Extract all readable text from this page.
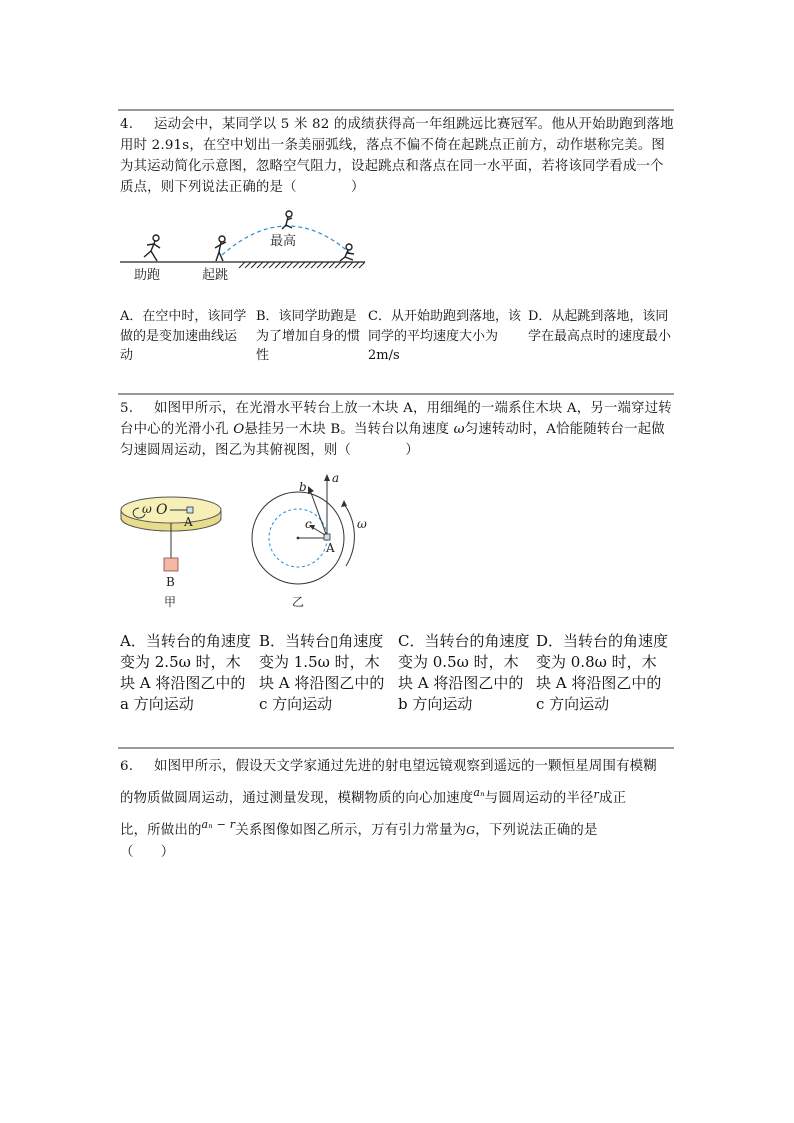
4. 运动会中，某同学以 5 米 82 的成绩获得高一年组跳远比赛冠军。他从开始助跑到落地用时 2.91s，在空中划出一条美丽弧线，落点不偏不倚在起跳点正前方，动作堪称完美。图为其运动简化示意图，忽略空气阻力，设起跳点和落点在同一水平面，若将该同学看成一个质点，则下列说法正确的是（　　　　）
助跑	起跳
最高
A．在空中时，该同学做的是变加速曲线运动
B．该同学助跑是为了增加自身的惯性
C．从开始助跑到落地，该同学的平均速度大小为 2m/s
D．从起跳到落地，该同学在最高点时的速度最小
5. 如图甲所示，在光滑水平转台上放一木块 A，用细绳的一端系住木块 A，另一端穿过转台中心的光滑小孔 O悬挂另一木块 B。当转台以角速度 ω匀速转动时，A恰能随转台一起做匀速圆周运动，图乙为其俯视图，则（　　　　）
ω O
A
B
甲
a
b
c
A
ω
乙
A．当转台的角速度变为 2.5ω 时，木块 A 将沿图乙中的 a 方向运动
B．当转台▯角速度变为 1.5ω 时，木块 A 将沿图乙中的 c 方向运动
C．当转台的角速度变为 0.5ω 时，木块 A 将沿图乙中的 b 方向运动
D．当转台的角速度变为 0.8ω 时，木块 A 将沿图乙中的 c 方向运动
6. 如图甲所示，假设天文学家通过先进的射电望远镜观察到遥远的一颗恒星周围有模糊
的物质做圆周运动，通过测量发现，模糊物质的向心加速度$^{a_n}$与圆周运动的半径$^r$成正
比，所做出的$^{a_n - r}$关系图像如图乙所示，万有引力常量为G，下列说法正确的是
（　　）
